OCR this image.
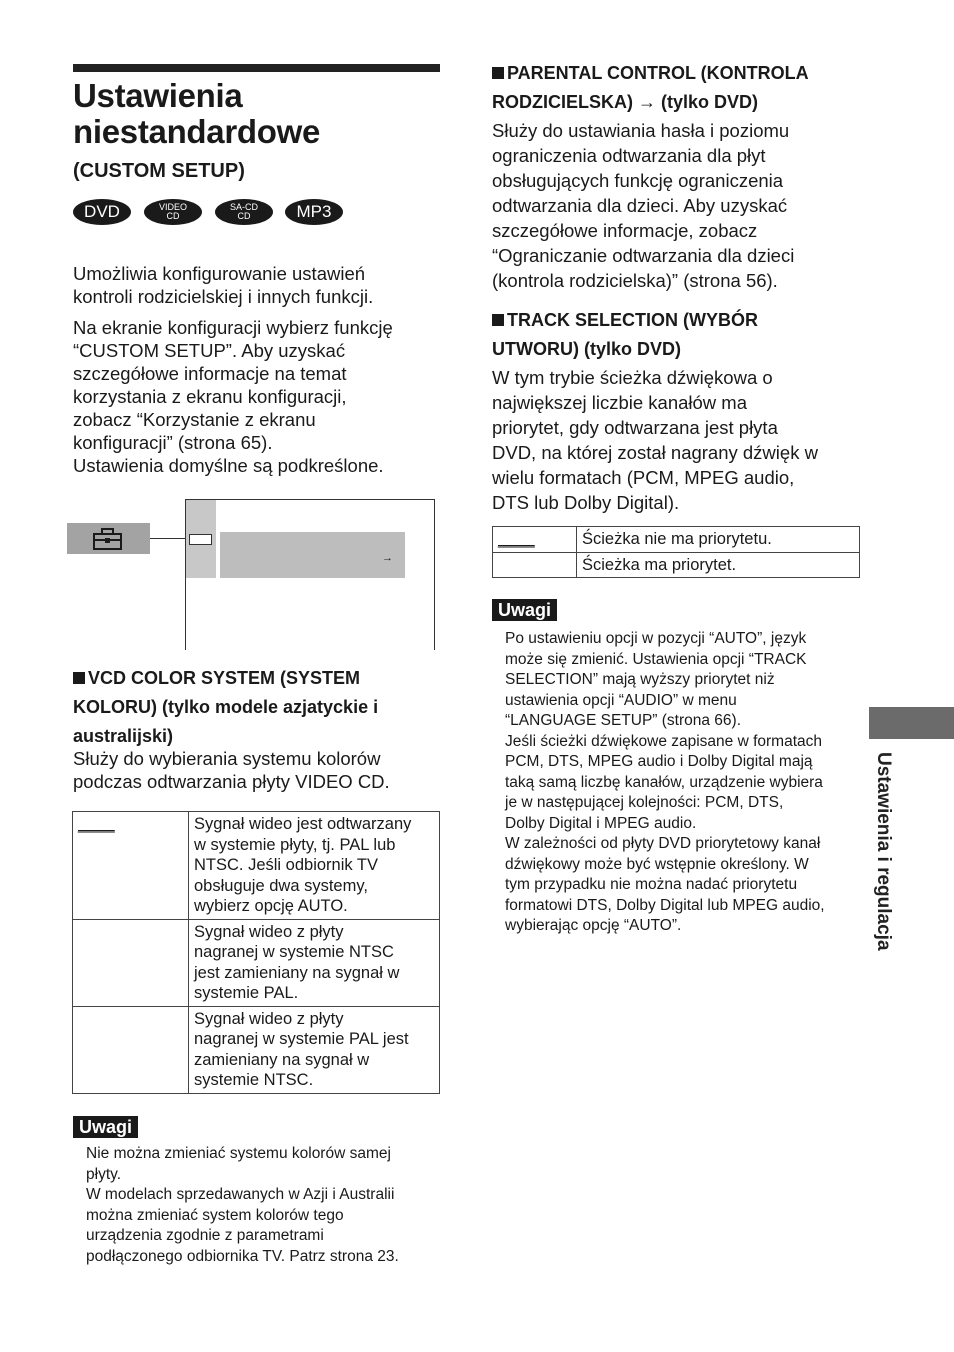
Ustawienia
niestandardowe
(CUSTOM SETUP)
DVD	VIDEO
CD
SA-CD
CD	MP3
Umożliwia konfigurowanie ustawień
kontroli rodzicielskiej i innych funkcji.
Na ekranie konfiguracji wybierz funkcję
“CUSTOM SETUP”. Aby uzyskać
szczegółowe informacje na temat
korzystania z ekranu konfiguracji,
zobacz “Korzystanie z ekranu
konfiguracji” (strona 65).
Ustawienia domyślne są podkreślone.
→
VCD COLOR SYSTEM (SYSTEM
KOLORU) (tylko modele azjatyckie i
australijski)
Służy do wybierania systemu kolorów
podczas odtwarzania płyty VIDEO CD.
____	Sygnał wideo jest odtwarzany
w systemie płyty, tj. PAL lub
NTSC. Jeśli odbiornik TV
obsługuje dwa systemy,
wybierz opcję AUTO.

	Sygnał wideo z płyty
nagranej w systemie NTSC
jest zamieniany na sygnał w
systemie PAL.

	Sygnał wideo z płyty
nagranej w systemie PAL jest
zamieniany na sygnał w
systemie NTSC.
Uwagi
Nie można zmieniać systemu kolorów samej
płyty.
W modelach sprzedawanych w Azji i Australii
można zmieniać system kolorów tego
urządzenia zgodnie z parametrami
podłączonego odbiornika TV. Patrz strona 23.
PARENTAL CONTROL (KONTROLA
RODZICIELSKA) → (tylko DVD)
Służy do ustawiania hasła i poziomu
ograniczenia odtwarzania dla płyt
obsługujących funkcję ograniczenia
odtwarzania dla dzieci. Aby uzyskać
szczegółowe informacje, zobacz
“Ograniczanie odtwarzania dla dzieci
(kontrola rodzicielska)” (strona 56).
TRACK SELECTION (WYBÓR
UTWORU) (tylko DVD)
W tym trybie ścieżka dźwiękowa o
największej liczbie kanałów ma
priorytet, gdy odtwarzana jest płyta
DVD, na której został nagrany dźwięk w
wielu formatach (PCM, MPEG audio,
DTS lub Dolby Digital).
____	Ścieżka nie ma priorytetu.
	Ścieżka ma priorytet.
Uwagi
Po ustawieniu opcji w pozycji “AUTO”, język
może się zmienić. Ustawienia opcji “TRACK
SELECTION” mają wyższy priorytet niż
ustawienia opcji “AUDIO” w menu
“LANGUAGE SETUP” (strona 66).
Jeśli ścieżki dźwiękowe zapisane w formatach
PCM, DTS, MPEG audio i Dolby Digital mają
taką samą liczbę kanałów, urządzenie wybiera
je w następującej kolejności: PCM, DTS,
Dolby Digital i MPEG audio.
W zależności od płyty DVD priorytetowy kanał
dźwiękowy może być wstępnie określony. W
tym przypadku nie można nadać priorytetu
formatowi DTS, Dolby Digital lub MPEG audio,
wybierając opcję “AUTO”.	Ustawienia i regulacja
